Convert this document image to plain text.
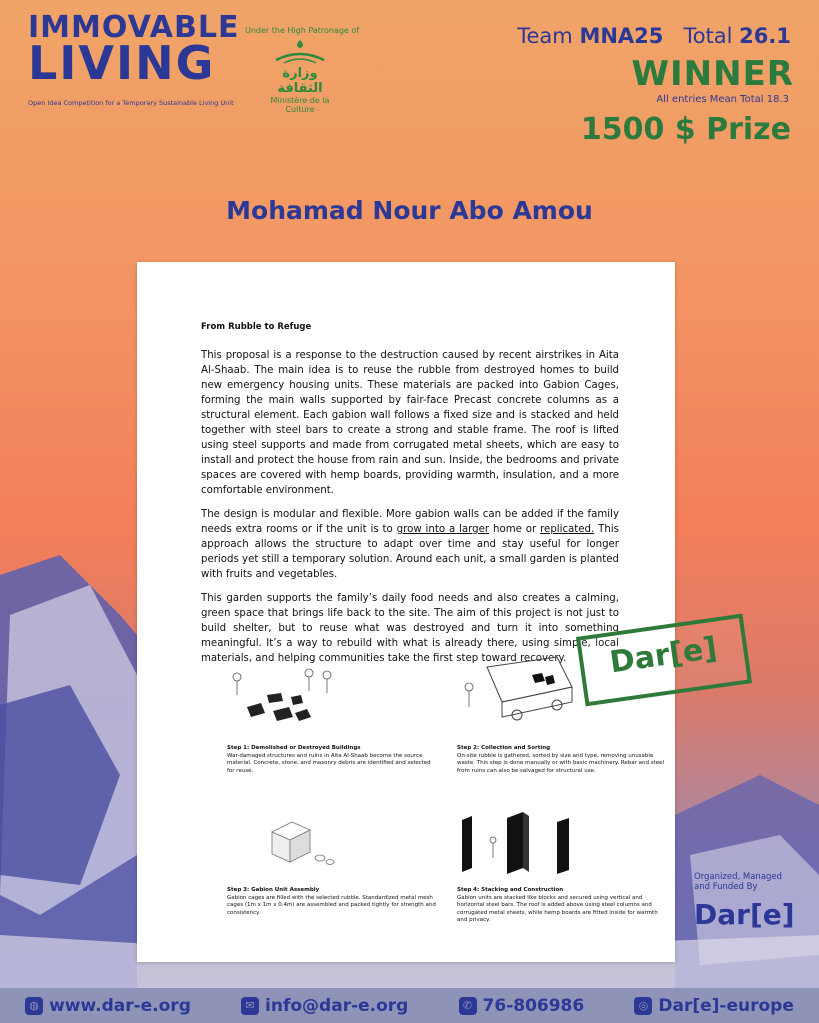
IMMOVABLE
LIVING
Open Idea Competition for a Temporary Sustainable Living Unit
Under the High Patronage of
وزارة الثقافة
Ministère de la Culture
Team MNA25 Total 26.1
WINNER
All entries Mean Total 18.3
1500 $ Prize
Mohamad Nour Abo Amou
From Rubble to Refuge

This proposal is a response to the destruction caused by recent airstrikes in Aita Al-Shaab. The main idea is to reuse the rubble from destroyed homes to build new emergency housing units. These materials are packed into Gabion Cages, forming the main walls supported by fair-face Precast concrete columns as a structural element. Each gabion wall follows a fixed size and is stacked and held together with steel bars to create a strong and stable frame. The roof is lifted using steel supports and made from corrugated metal sheets, which are easy to install and protect the house from rain and sun. Inside, the bedrooms and private spaces are covered with hemp boards, providing warmth, insulation, and a more comfortable environment.

The design is modular and flexible. More gabion walls can be added if the family needs extra rooms or if the unit is to grow into a larger home or replicated. This approach allows the structure to adapt over time and stay useful for longer periods yet still a temporary solution. Around each unit, a small garden is planted with fruits and vegetables.

This garden supports the family’s daily food needs and also creates a calming, green space that brings life back to the site. The aim of this project is not just to build shelter, but to reuse what was destroyed and turn it into something meaningful. It’s a way to rebuild with what is already there, using simple, local materials, and helping communities take the first step toward recovery.

Step 1: Demolished or Destroyed Buildings
War-damaged structures and ruins in Aita Al-Shaab become the source material. Concrete, stone, and masonry debris are identified and selected for reuse.
Step 2: Collection and Sorting
On-site rubble is gathered, sorted by size and type, removing unusable waste. This step is done manually or with basic machinery. Rebar and steel from ruins can also be salvaged for structural use.
Step 3: Gabion Unit Assembly
Gabion cages are filled with the selected rubble. Standardized metal mesh cages (1m x 1m x 0.4m) are assembled and packed tightly for strength and consistency.
Step 4: Stacking and Construction
Gabion units are stacked like blocks and secured using vertical and horizontal steel bars. The roof is added above using steel columns and corrugated metal sheets, while hemp boards are fitted inside for warmth and privacy.
Dar[e]
Organized, Managed and Funded By
Dar[e]
◍ www.dar-e.org	✉ info@dar-e.org	✆ 76-806986	◎ Dar[e]-europe
